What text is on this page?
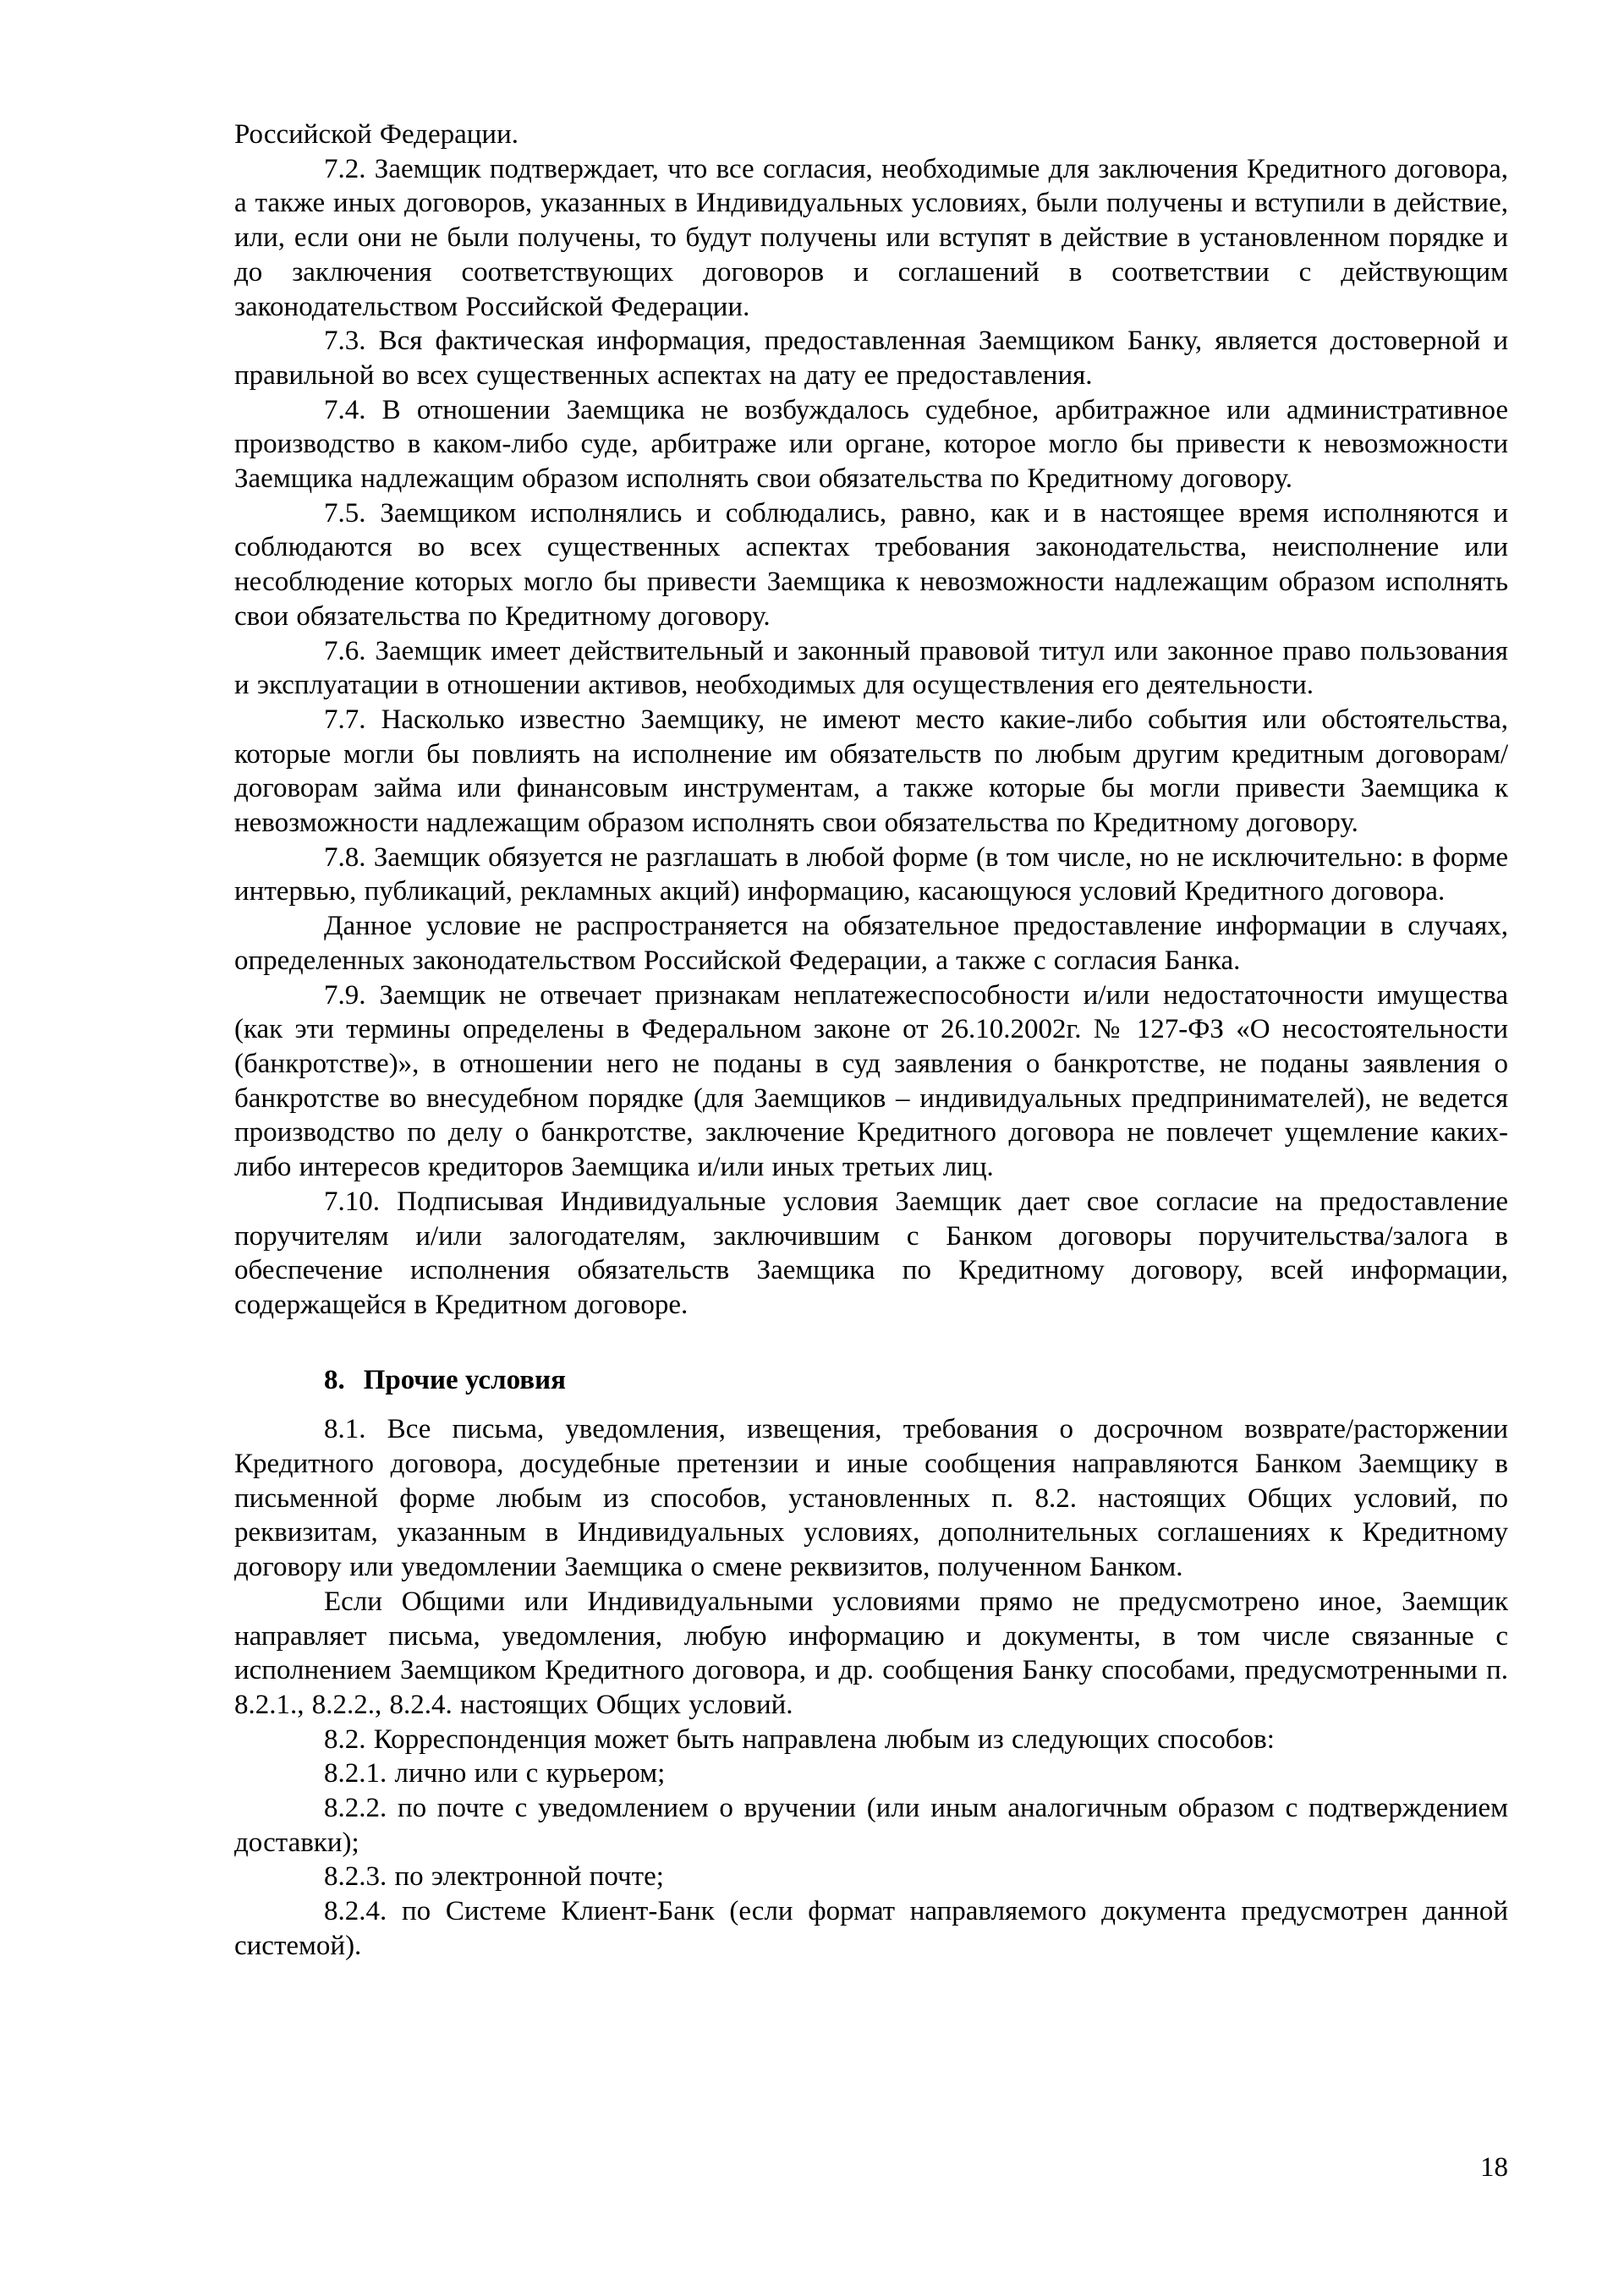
Российской Федерации.

7.2. Заемщик подтверждает, что все согласия, необходимые для заключения Кредитного договора, а также иных договоров, указанных в Индивидуальных условиях, были получены и вступили в действие, или, если они не были получены, то будут получены или вступят в действие в установленном порядке и до заключения соответствующих договоров и соглашений в соответствии с действующим законодательством Российской Федерации.

7.3. Вся фактическая информация, предоставленная Заемщиком Банку, является достоверной и правильной во всех существенных аспектах на дату ее предоставления.

7.4. В отношении Заемщика не возбуждалось судебное, арбитражное или административное производство в каком-либо суде, арбитраже или органе, которое могло бы привести к невозможности Заемщика надлежащим образом исполнять свои обязательства по Кредитному договору.

7.5. Заемщиком исполнялись и соблюдались, равно, как и в настоящее время исполняются и соблюдаются во всех существенных аспектах требования законодательства, неисполнение или несоблюдение которых могло бы привести Заемщика к невозможности надлежащим образом исполнять свои обязательства по Кредитному договору.

7.6. Заемщик имеет действительный и законный правовой титул или законное право пользования и эксплуатации в отношении активов, необходимых для осуществления его деятельности.

7.7. Насколько известно Заемщику, не имеют место какие-либо события или обстоятельства, которые могли бы повлиять на исполнение им обязательств по любым другим кредитным договорам/договорам займа или финансовым инструментам, а также которые бы могли привести Заемщика к невозможности надлежащим образом исполнять свои обязательства по Кредитному договору.

7.8. Заемщик обязуется не разглашать в любой форме (в том числе, но не исключительно: в форме интервью, публикаций, рекламных акций) информацию, касающуюся условий Кредитного договора.

Данное условие не распространяется на обязательное предоставление информации в случаях, определенных законодательством Российской Федерации, а также с согласия Банка.

7.9. Заемщик не отвечает признакам неплатежеспособности и/или недостаточности имущества (как эти термины определены в Федеральном законе от 26.10.2002г. № 127-ФЗ «О несостоятельности (банкротстве)», в отношении него не поданы в суд заявления о банкротстве, не поданы заявления о банкротстве во внесудебном порядке (для Заемщиков – индивидуальных предпринимателей), не ведется производство по делу о банкротстве, заключение Кредитного договора не повлечет ущемление каких-либо интересов кредиторов Заемщика и/или иных третьих лиц.

7.10. Подписывая Индивидуальные условия Заемщик дает свое согласие на предоставление поручителям и/или залогодателям, заключившим с Банком договоры поручительства/залога в обеспечение исполнения обязательств Заемщика по Кредитному договору, всей информации, содержащейся в Кредитном договоре.

8. Прочие условия

8.1. Все письма, уведомления, извещения, требования о досрочном возврате/расторжении Кредитного договора, досудебные претензии и иные сообщения направляются Банком Заемщику в письменной форме любым из способов, установленных п. 8.2. настоящих Общих условий, по реквизитам, указанным в Индивидуальных условиях, дополнительных соглашениях к Кредитному договору или уведомлении Заемщика о смене реквизитов, полученном Банком.

Если Общими или Индивидуальными условиями прямо не предусмотрено иное, Заемщик направляет письма, уведомления, любую информацию и документы, в том числе связанные с исполнением Заемщиком Кредитного договора, и др. сообщения Банку способами, предусмотренными п. 8.2.1., 8.2.2., 8.2.4. настоящих Общих условий.

8.2. Корреспонденция может быть направлена любым из следующих способов:

8.2.1. лично или с курьером;

8.2.2. по почте с уведомлением о вручении (или иным аналогичным образом с подтверждением доставки);

8.2.3. по электронной почте;

8.2.4. по Системе Клиент-Банк (если формат направляемого документа предусмотрен данной системой).

18
